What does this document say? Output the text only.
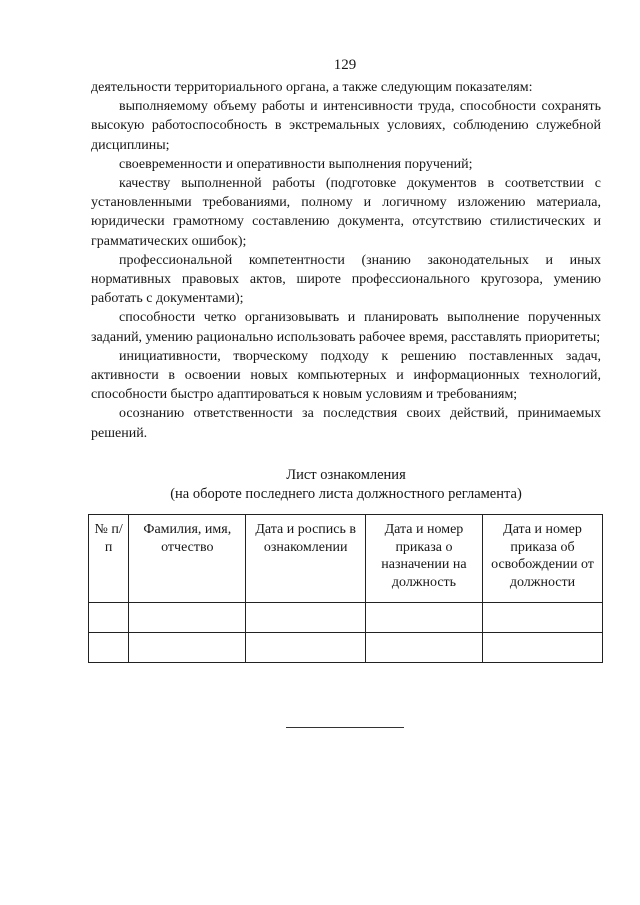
129

деятельности территориального органа, а также следующим показателям:

выполняемому объему работы и интенсивности труда, способности сохранять высокую работоспособность в экстремальных условиях, соблюдению служебной дисциплины;

своевременности и оперативности выполнения поручений;

качеству выполненной работы (подготовке документов в соответствии с установленными требованиями, полному и логичному изложению материала, юридически грамотному составлению документа, отсутствию стилистических и грамматических ошибок);

профессиональной компетентности (знанию законодательных и иных нормативных правовых актов, широте профессионального кругозора, умению работать с документами);

способности четко организовывать и планировать выполнение порученных заданий, умению рационально использовать рабочее время, расставлять приоритеты;

инициативности, творческому подходу к решению поставленных задач, активности в освоении новых компьютерных и информационных технологий, способности быстро адаптироваться к новым условиям и требованиям;

осознанию ответственности за последствия своих действий, принимаемых решений.

Лист ознакомления
(на обороте последнего листа должностного регламента)
№ п/п	Фамилия, имя, отчество	Дата и роспись в ознакомлении	Дата и номер приказа о назначении на должность	Дата и номер приказа об освобождении от должности
